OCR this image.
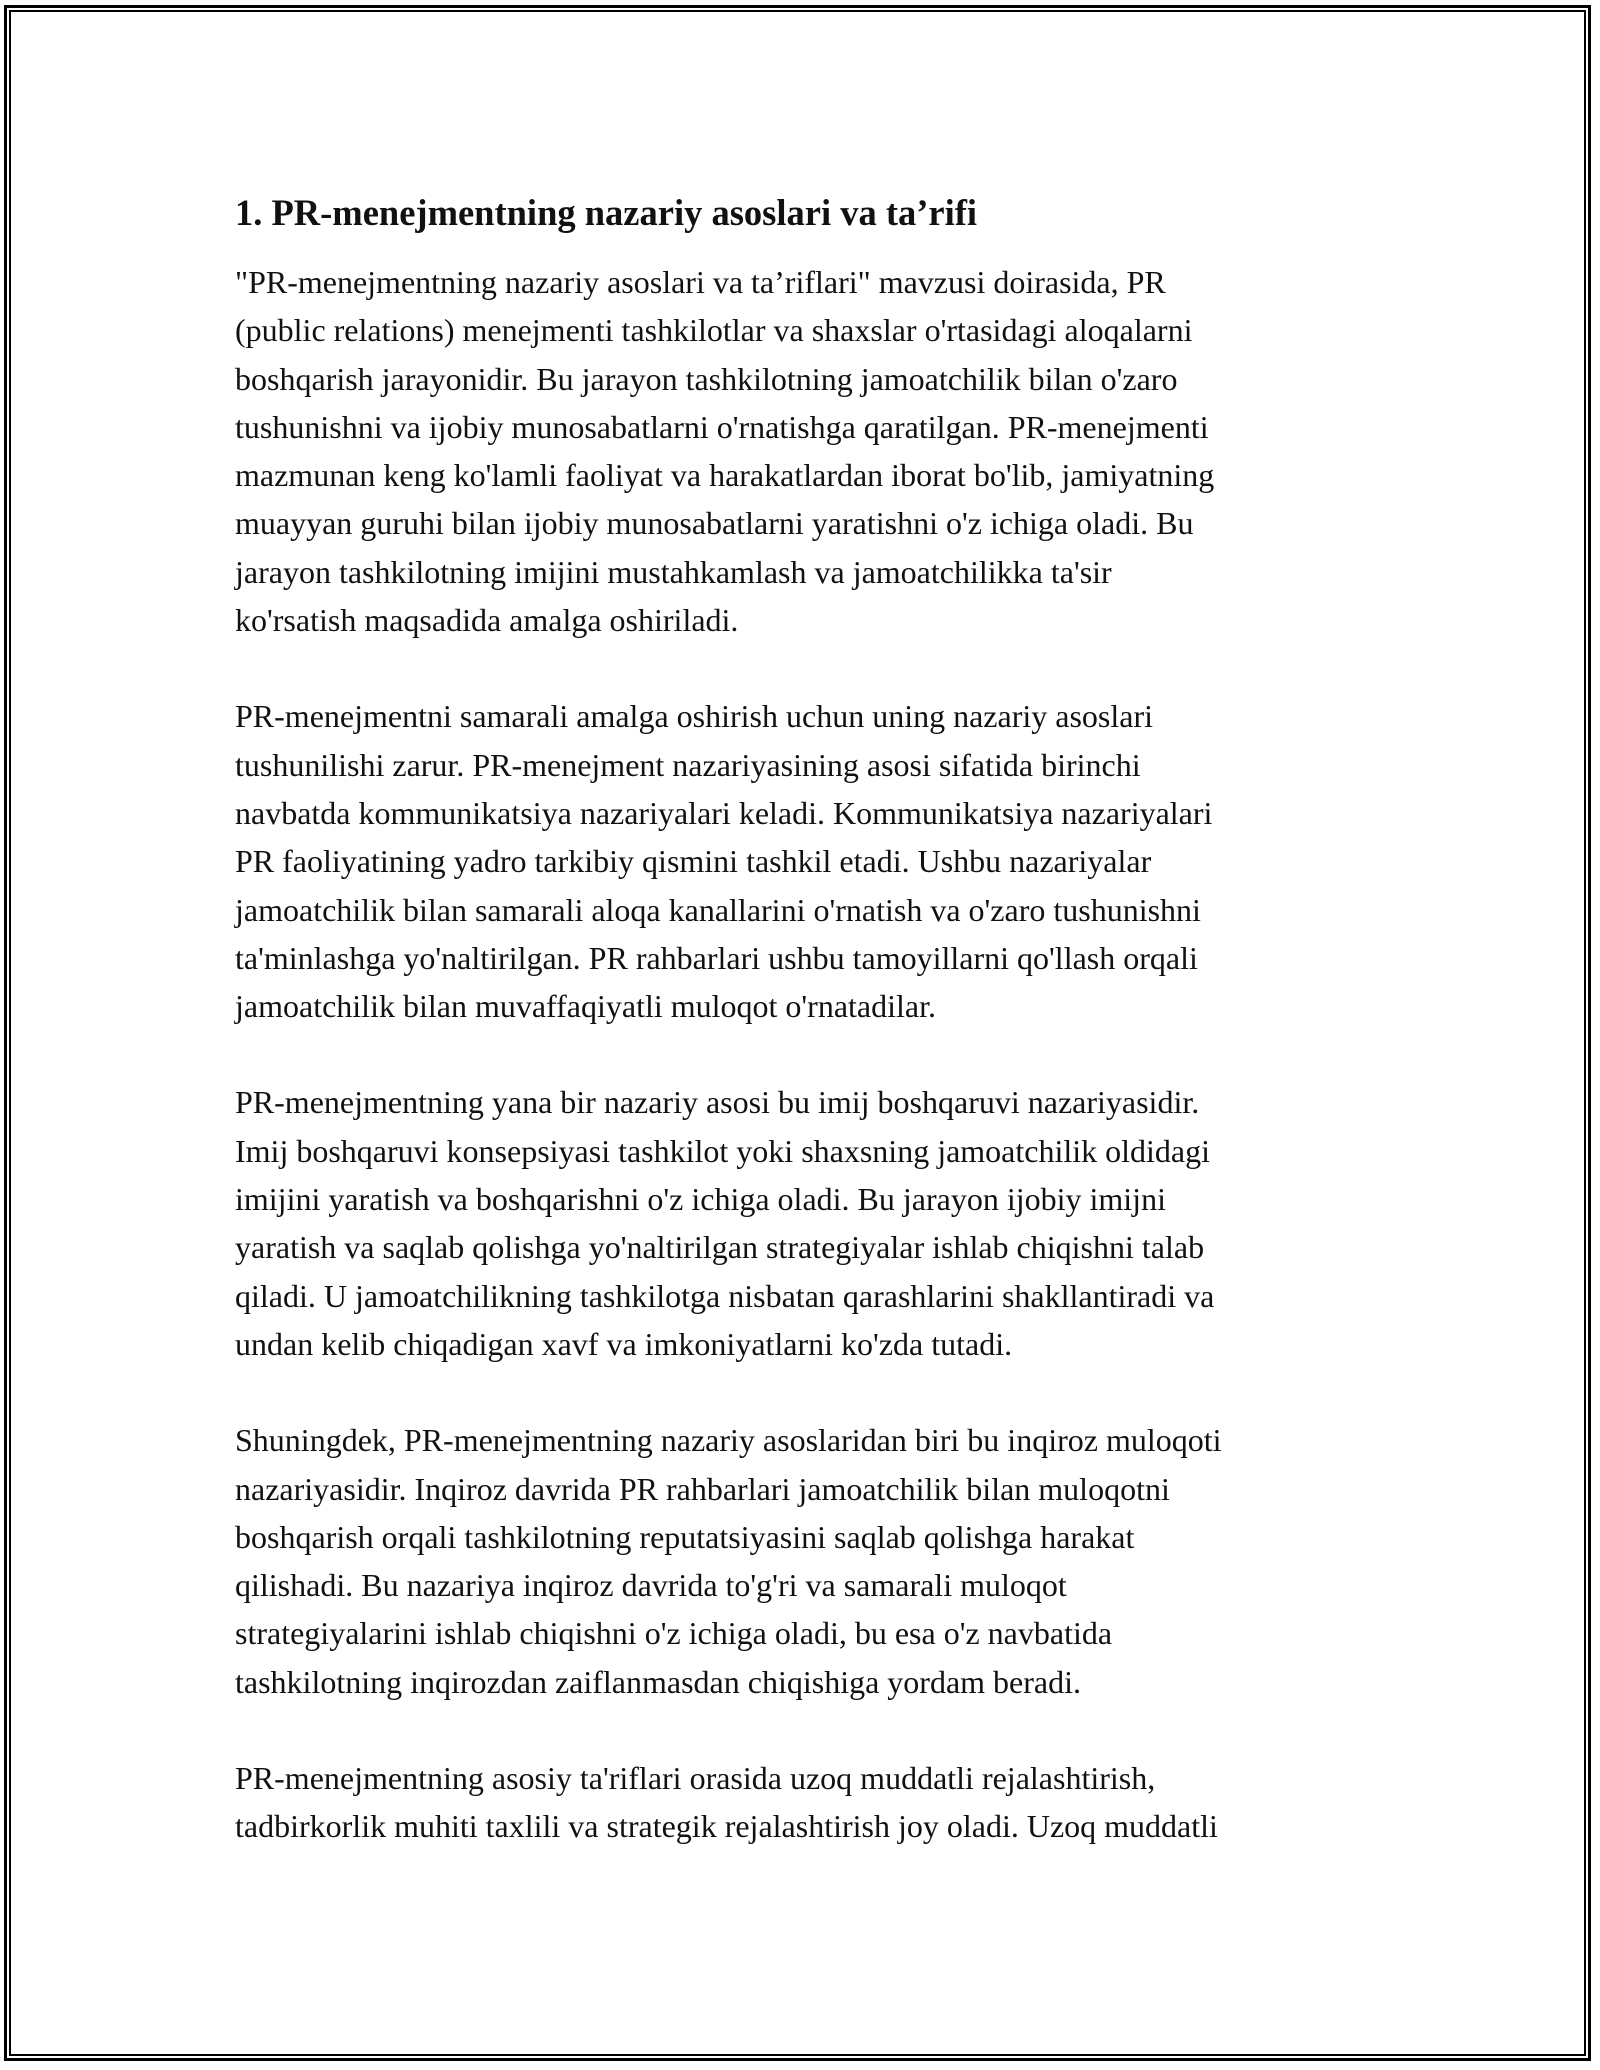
1. PR-menejmentning nazariy asoslari va ta’rifi

"PR-menejmentning nazariy asoslari va ta’riflari" mavzusi doirasida, PR
(public relations) menejmenti tashkilotlar va shaxslar o'rtasidagi aloqalarni
boshqarish jarayonidir. Bu jarayon tashkilotning jamoatchilik bilan o'zaro
tushunishni va ijobiy munosabatlarni o'rnatishga qaratilgan. PR-menejmenti
mazmunan keng ko'lamli faoliyat va harakatlardan iborat bo'lib, jamiyatning
muayyan guruhi bilan ijobiy munosabatlarni yaratishni o'z ichiga oladi. Bu
jarayon tashkilotning imijini mustahkamlash va jamoatchilikka ta'sir
ko'rsatish maqsadida amalga oshiriladi.

PR-menejmentni samarali amalga oshirish uchun uning nazariy asoslari
tushunilishi zarur. PR-menejment nazariyasining asosi sifatida birinchi
navbatda kommunikatsiya nazariyalari keladi. Kommunikatsiya nazariyalari
PR faoliyatining yadro tarkibiy qismini tashkil etadi. Ushbu nazariyalar
jamoatchilik bilan samarali aloqa kanallarini o'rnatish va o'zaro tushunishni
ta'minlashga yo'naltirilgan. PR rahbarlari ushbu tamoyillarni qo'llash orqali
jamoatchilik bilan muvaffaqiyatli muloqot o'rnatadilar.

PR-menejmentning yana bir nazariy asosi bu imij boshqaruvi nazariyasidir.
Imij boshqaruvi konsepsiyasi tashkilot yoki shaxsning jamoatchilik oldidagi
imijini yaratish va boshqarishni o'z ichiga oladi. Bu jarayon ijobiy imijni
yaratish va saqlab qolishga yo'naltirilgan strategiyalar ishlab chiqishni talab
qiladi. U jamoatchilikning tashkilotga nisbatan qarashlarini shakllantiradi va
undan kelib chiqadigan xavf va imkoniyatlarni ko'zda tutadi.

Shuningdek, PR-menejmentning nazariy asoslaridan biri bu inqiroz muloqoti
nazariyasidir. Inqiroz davrida PR rahbarlari jamoatchilik bilan muloqotni
boshqarish orqali tashkilotning reputatsiyasini saqlab qolishga harakat
qilishadi. Bu nazariya inqiroz davrida to'g'ri va samarali muloqot
strategiyalarini ishlab chiqishni o'z ichiga oladi, bu esa o'z navbatida
tashkilotning inqirozdan zaiflanmasdan chiqishiga yordam beradi.

PR-menejmentning asosiy ta'riflari orasida uzoq muddatli rejalashtirish,
tadbirkorlik muhiti taxlili va strategik rejalashtirish joy oladi. Uzoq muddatli
